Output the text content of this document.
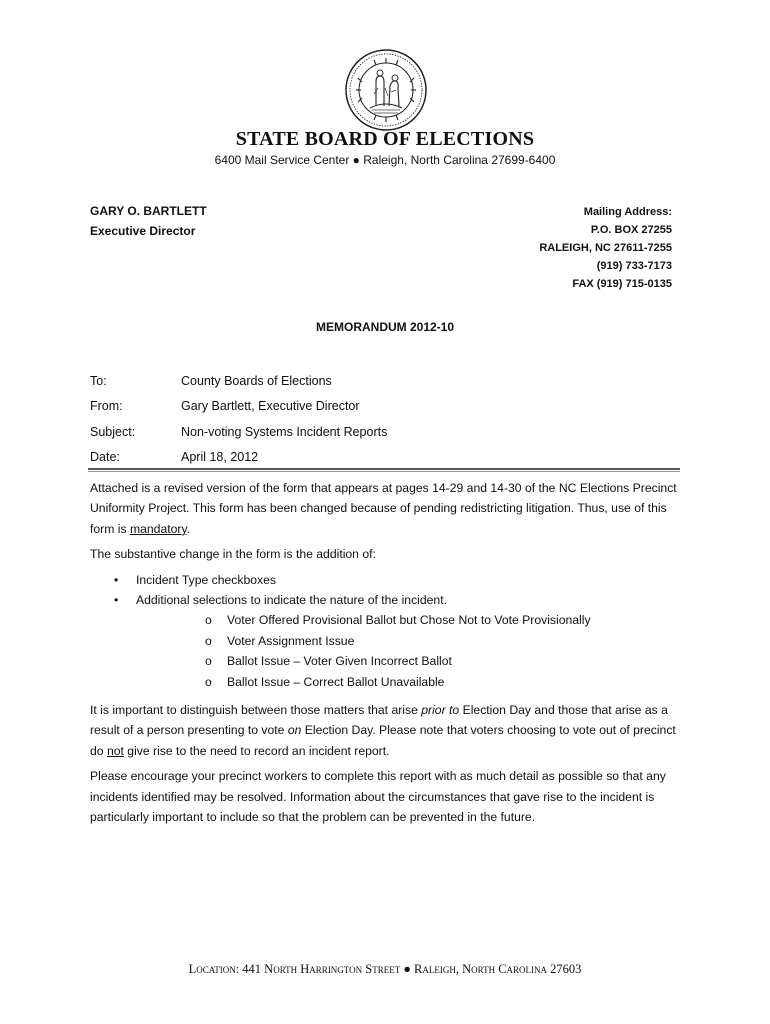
STATE BOARD OF ELECTIONS
6400 Mail Service Center ● Raleigh, North Carolina 27699-6400
GARY O. BARTLETT
Executive Director
Mailing Address:
P.O. BOX 27255
RALEIGH, NC 27611-7255
(919) 733-7173
FAX (919) 715-0135
MEMORANDUM 2012-10
To:	County Boards of Elections
From:	Gary Bartlett, Executive Director
Subject:	Non-voting Systems Incident Reports
Date:	April 18, 2012

Attached is a revised version of the form that appears at pages 14-29 and 14-30 of the NC Elections Precinct Uniformity Project. This form has been changed because of pending redistricting litigation. Thus, use of this form is mandatory.

The substantive change in the form is the addition of:

• Incident Type checkboxes
• Additional selections to indicate the nature of the incident.
o Voter Offered Provisional Ballot but Chose Not to Vote Provisionally
o Voter Assignment Issue
o Ballot Issue – Voter Given Incorrect Ballot
o Ballot Issue – Correct Ballot Unavailable

It is important to distinguish between those matters that arise prior to Election Day and those that arise as a result of a person presenting to vote on Election Day. Please note that voters choosing to vote out of precinct do not give rise to the need to record an incident report.

Please encourage your precinct workers to complete this report with as much detail as possible so that any incidents identified may be resolved. Information about the circumstances that gave rise to the incident is particularly important to include so that the problem can be prevented in the future.

Location: 441 North Harrington Street ● Raleigh, North Carolina 27603
